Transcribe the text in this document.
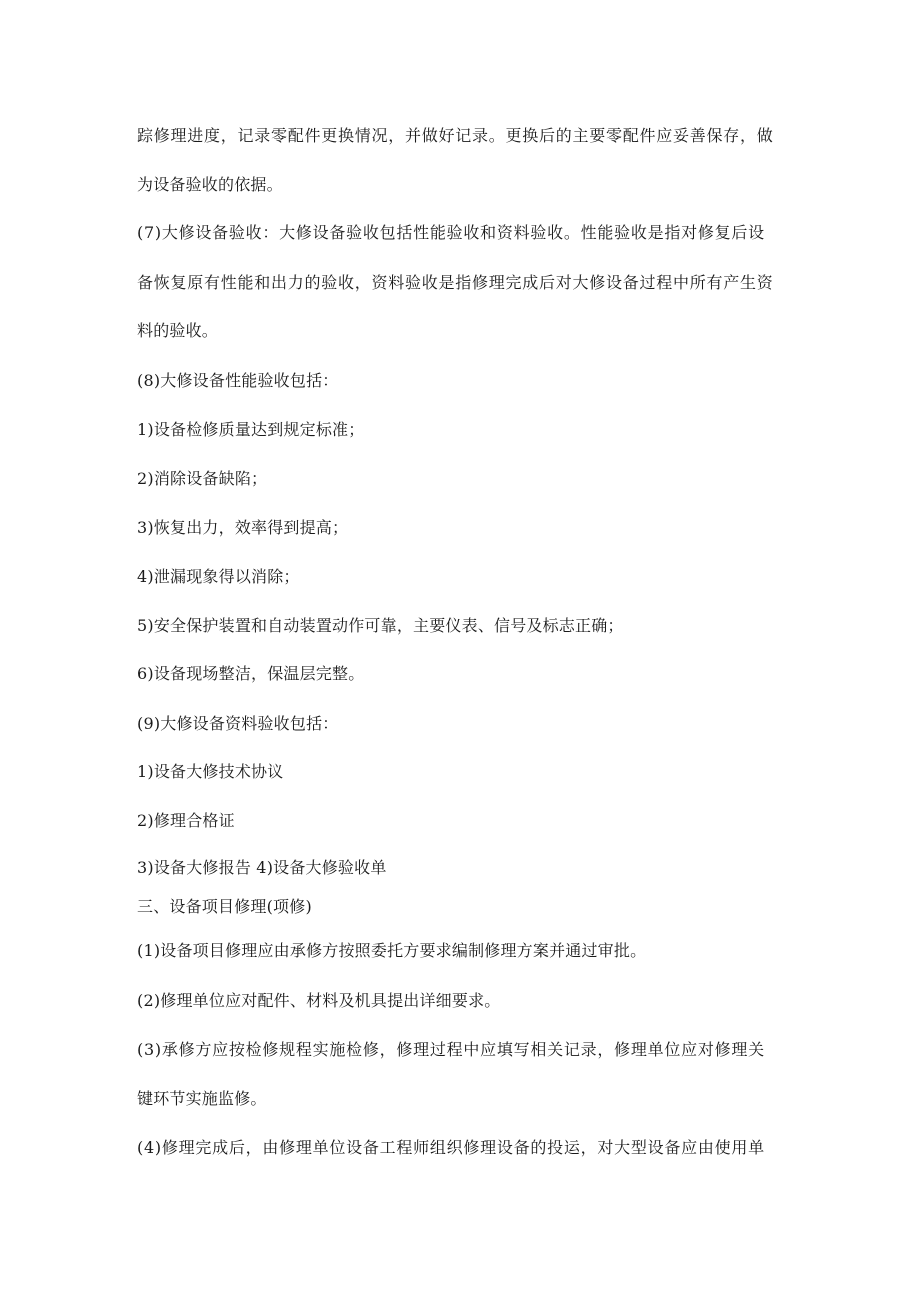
踪修理进度，记录零配件更换情况，并做好记录。更换后的主要零配件应妥善保存，做
为设备验收的依据。
(7)大修设备验收：大修设备验收包括性能验收和资料验收。性能验收是指对修复后设
备恢复原有性能和出力的验收，资料验收是指修理完成后对大修设备过程中所有产生资
料的验收。
(8)大修设备性能验收包括：
1)设备检修质量达到规定标准；
2)消除设备缺陷；
3)恢复出力，效率得到提高；
4)泄漏现象得以消除；
5)安全保护装置和自动装置动作可靠，主要仪表、信号及标志正确；
6)设备现场整洁，保温层完整。
(9)大修设备资料验收包括：
1)设备大修技术协议
2)修理合格证
3)设备大修报告 4)设备大修验收单
三、设备项目修理(项修)
(1)设备项目修理应由承修方按照委托方要求编制修理方案并通过审批。
(2)修理单位应对配件、材料及机具提出详细要求。
(3)承修方应按检修规程实施检修，修理过程中应填写相关记录，修理单位应对修理关
键环节实施监修。
(4)修理完成后，由修理单位设备工程师组织修理设备的投运，对大型设备应由使用单
